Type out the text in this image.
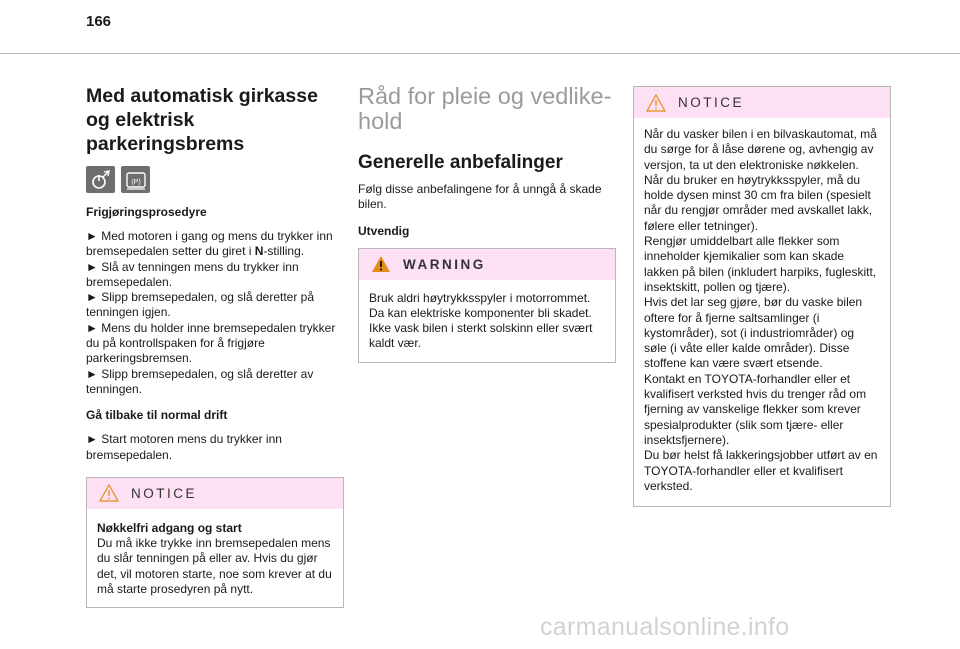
166
Med automatisk girkasse og elektrisk parkeringsbrems
(P)
Frigjøringsprosedyre
► Med motoren i gang og mens du trykker inn bremsepedalen setter du giret i N-stilling.
► Slå av tenningen mens du trykker inn bremsepedalen.
► Slipp bremsepedalen, og slå deretter på tenningen igjen.
► Mens du holder inne bremsepedalen trykker du på kontrollspaken for å frigjøre parkeringsbremsen.
► Slipp bremsepedalen, og slå deretter av tenningen.
Gå tilbake til normal drift
► Start motoren mens du trykker inn bremsepedalen.
NOTICE
Nøkkelfri adgang og start
Du må ikke trykke inn bremsepedalen mens du slår tenningen på eller av. Hvis du gjør det, vil motoren starte, noe som krever at du må starte prosedyren på nytt.
Råd for pleie og vedlike-hold
Generelle anbefalinger
Følg disse anbefalingene for å unngå å skade bilen.
Utvendig
WARNING
Bruk aldri høytrykksspyler i motorrommet. Da kan elektriske komponenter bli skadet.
Ikke vask bilen i sterkt solskinn eller svært kaldt vær.
NOTICE
Når du vasker bilen i en bilvaskautomat, må du sørge for å låse dørene og, avhengig av versjon, ta ut den elektroniske nøkkelen.
Når du bruker en høytrykksspyler, må du holde dysen minst 30 cm fra bilen (spesielt når du rengjør områder med avskallet lakk, følere eller tetninger).
Rengjør umiddelbart alle flekker som inneholder kjemikalier som kan skade lakken på bilen (inkludert harpiks, fugleskitt, insektskitt, pollen og tjære).
Hvis det lar seg gjøre, bør du vaske bilen oftere for å fjerne saltsamlinger (i kystområder), sot (i industriområder) og søle (i våte eller kalde områder). Disse stoffene kan være svært etsende.
Kontakt en TOYOTA-forhandler eller et kvalifisert verksted hvis du trenger råd om fjerning av vanskelige flekker som krever spesialprodukter (slik som tjære- eller insektsfjernere).
Du bør helst få lakkeringsjobber utført av en TOYOTA-forhandler eller et kvalifisert verksted.
carmanualsonline.info
